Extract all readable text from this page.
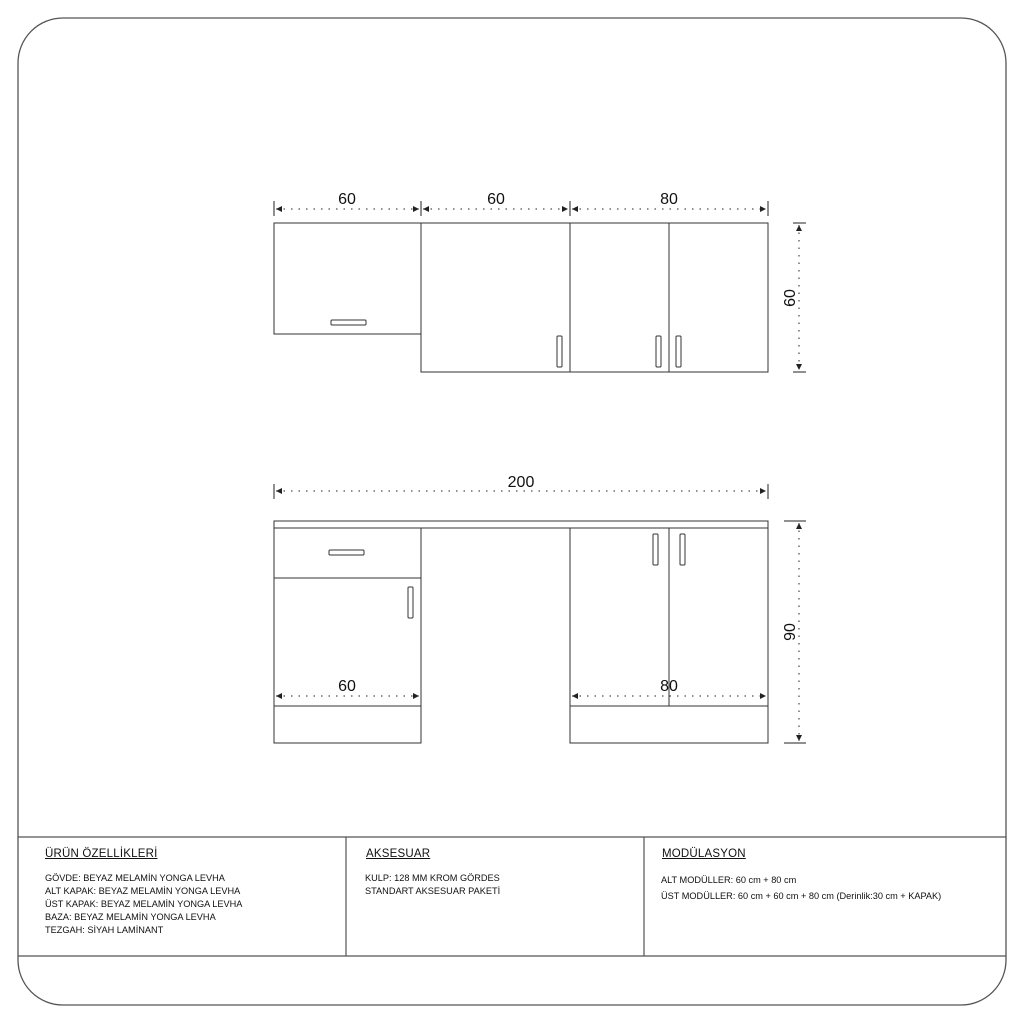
60	60	80
60
200
60	80
90
ÜRÜN ÖZELLİKLERİ
GÖVDE: BEYAZ MELAMİN YONGA LEVHA
ALT KAPAK: BEYAZ MELAMİN YONGA LEVHA
ÜST KAPAK: BEYAZ MELAMİN YONGA LEVHA
BAZA: BEYAZ MELAMİN YONGA LEVHA
TEZGAH: SİYAH LAMİNANT
AKSESUAR
KULP: 128 MM KROM GÖRDES
STANDART AKSESUAR PAKETİ
MODÜLASYON
ALT MODÜLLER: 60 cm + 80 cm
ÜST MODÜLLER: 60 cm + 60 cm + 80 cm (Derinlik:30 cm + KAPAK)
